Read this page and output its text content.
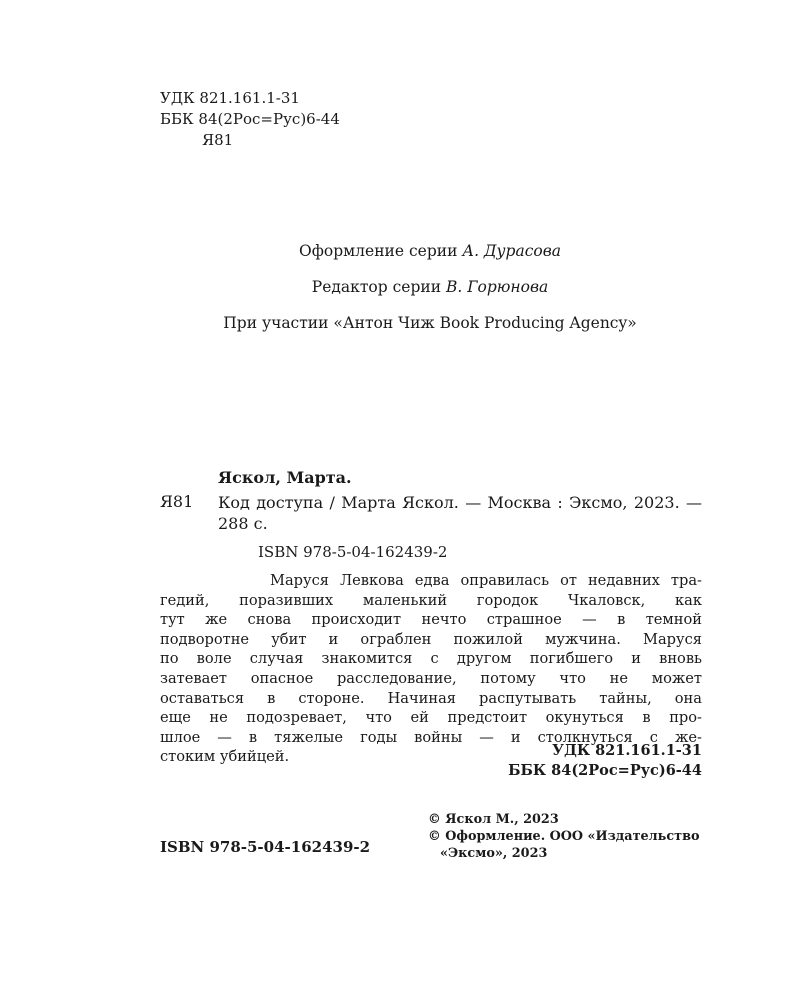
УДК 821.161.1-31
ББК 84(2Рос=Рус)6-44
Я81
Оформление серии А. Дурасова
Редактор серии В. Горюнова
При участии «Антон Чиж Book Producing Agency»
Яскол, Марта.
Я81 Код доступа / Марта Яскол. — Москва : Эксмо, 2023. — 288 с.
ISBN 978-5-04-162439-2
Маруся Левкова едва оправилась от недавних тра-
гедий, поразивших маленький городок Чкаловск, как
тут же снова происходит нечто страшное — в темной
подворотне убит и ограблен пожилой мужчина. Маруся
по воле случая знакомится с другом погибшего и вновь
затевает опасное расследование, потому что не может
оставаться в стороне. Начиная распутывать тайны, она
еще не подозревает, что ей предстоит окунуться в про-
шлое — в тяжелые годы войны — и столкнуться с же-
стоким убийцей.	УДК 821.161.1-31
ББК 84(2Рос=Рус)6-44
© Яскол М., 2023
© Оформление. ООО «Издательство
«Эксмо», 2023
ISBN 978-5-04-162439-2
